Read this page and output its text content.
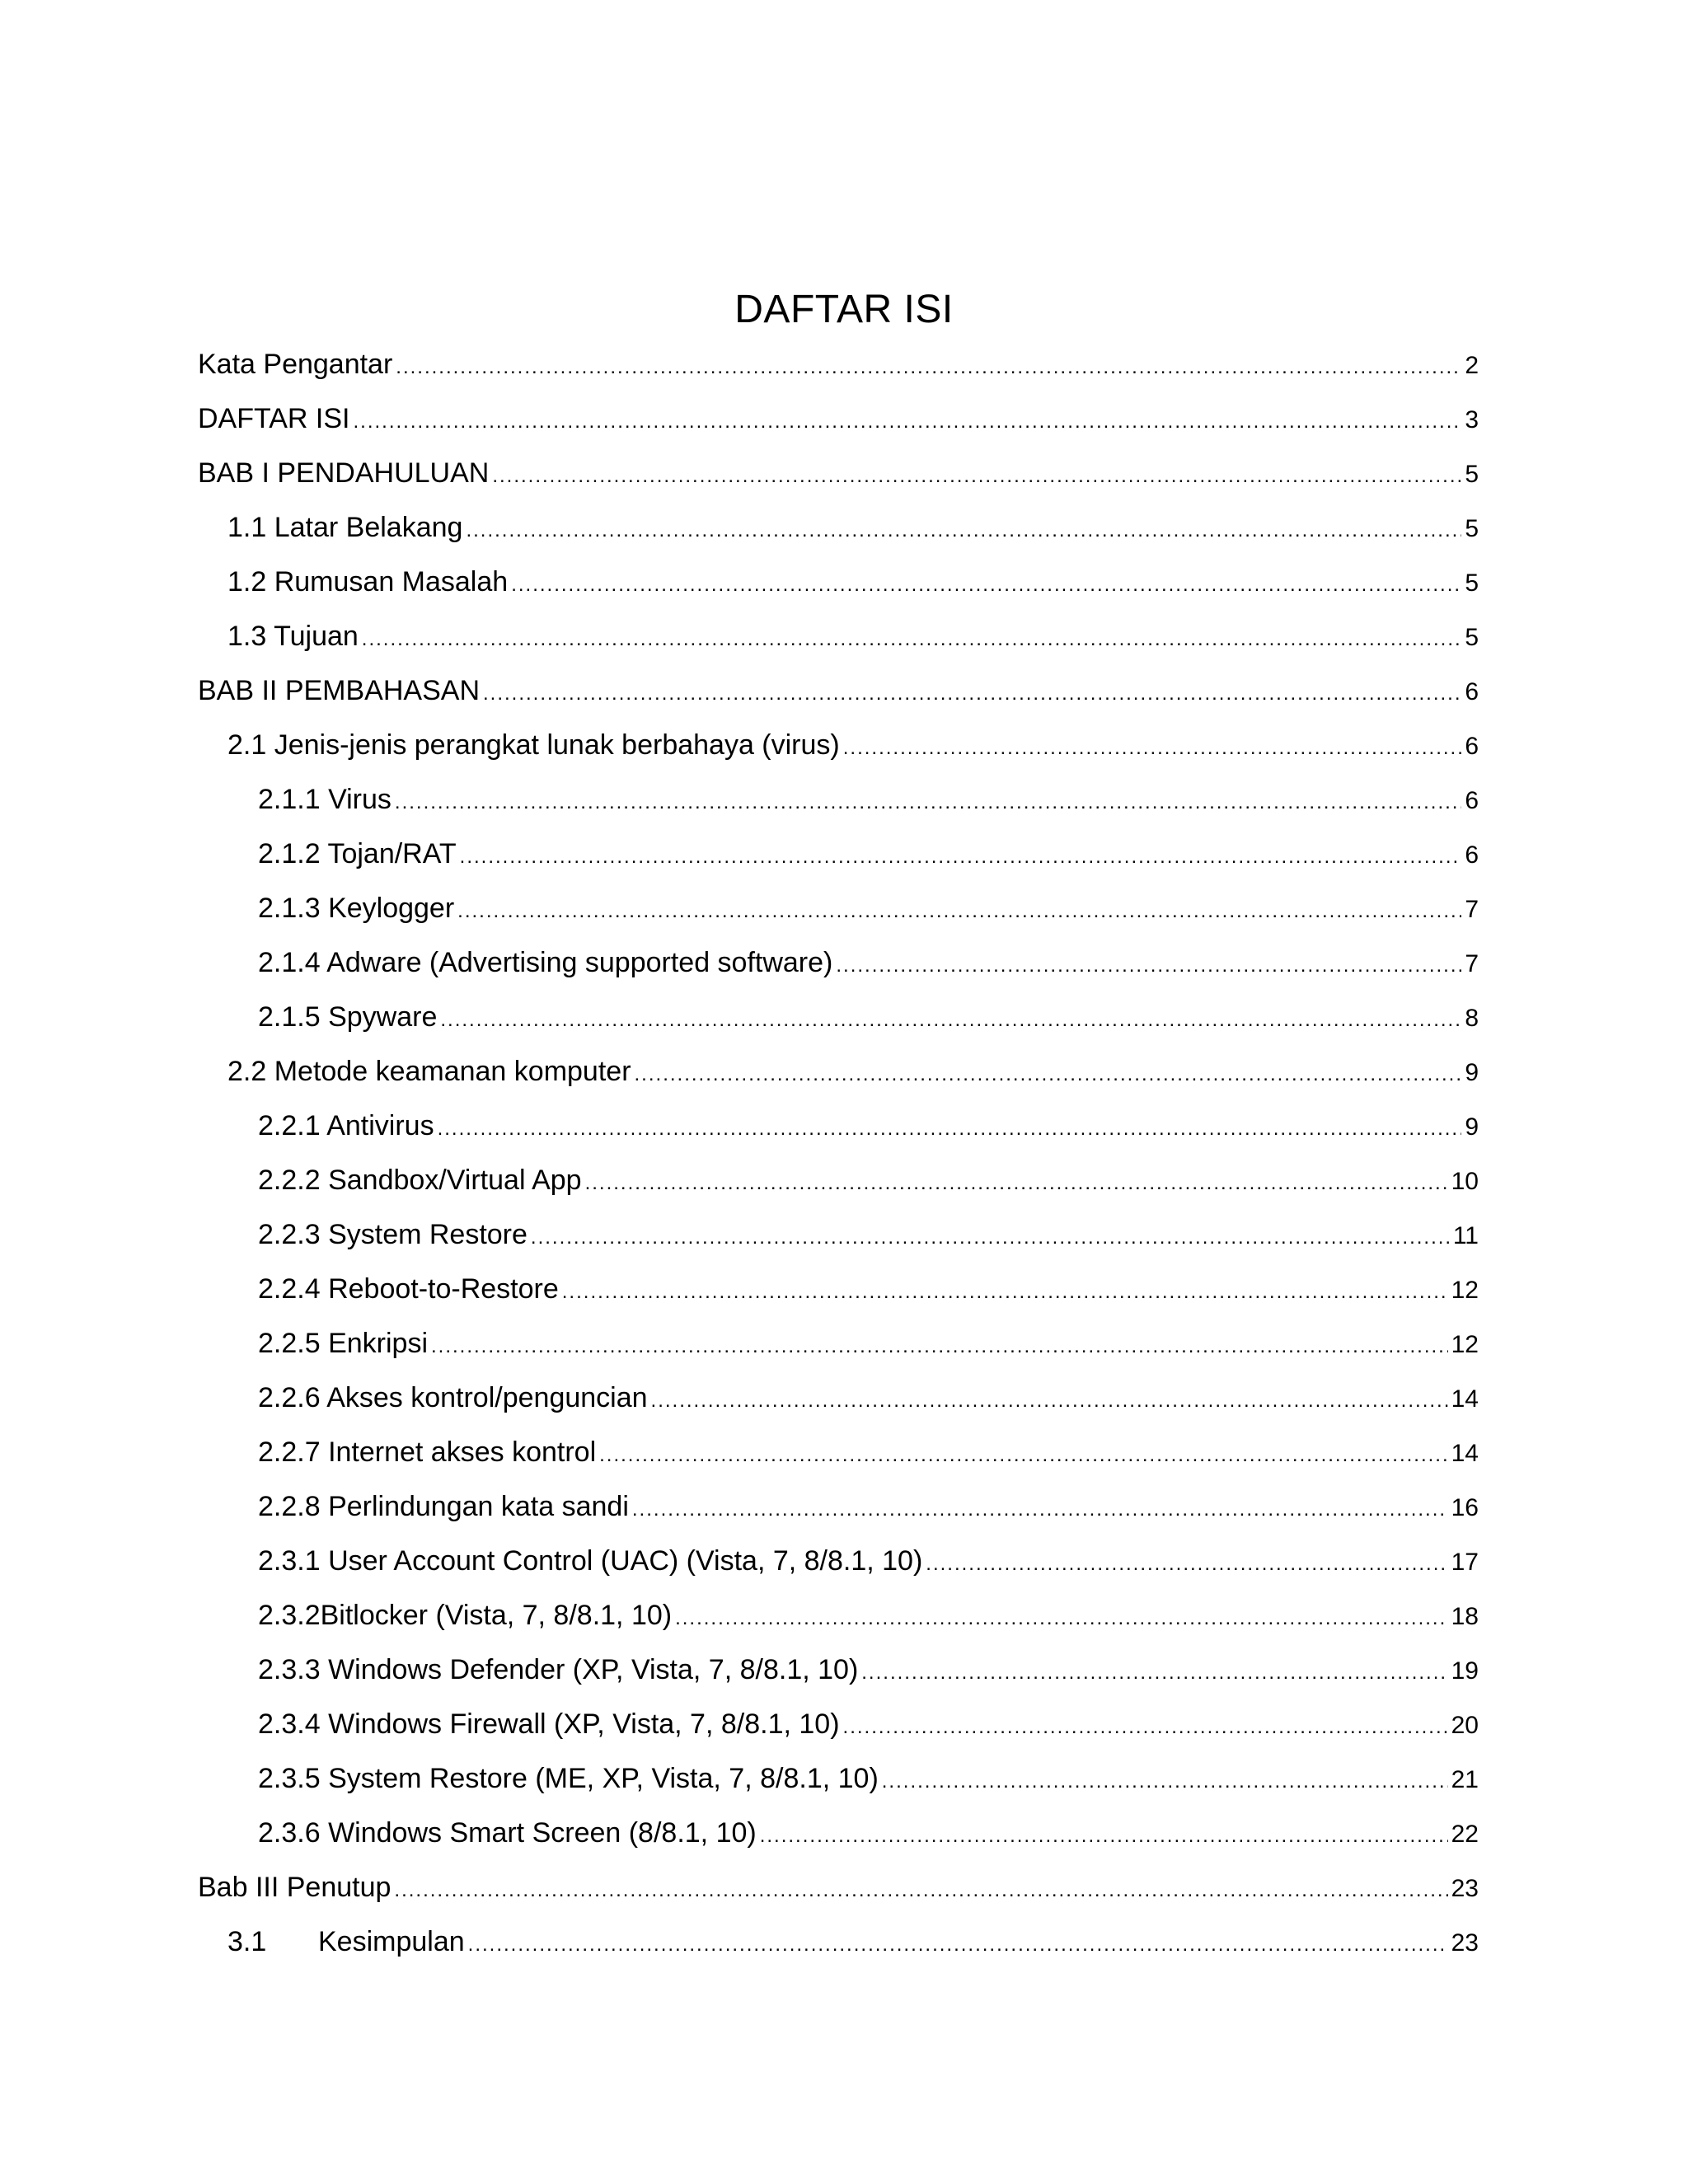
DAFTAR ISI
Kata Pengantar .....	2
DAFTAR ISI .....	3
BAB I PENDAHULUAN .....	5
1.1 Latar Belakang .....	5
1.2 Rumusan Masalah .....	5
1.3 Tujuan .....	5
BAB II PEMBAHASAN .....	6
2.1 Jenis-jenis perangkat lunak berbahaya (virus) .....	6
2.1.1 Virus .....	6
2.1.2 Tojan/RAT .....	6
2.1.3 Keylogger .....	7
2.1.4 Adware (Advertising supported software) .....	7
2.1.5 Spyware .....	8
2.2 Metode keamanan komputer .....	9
2.2.1 Antivirus .....	9
2.2.2 Sandbox/Virtual App .....	10
2.2.3 System Restore .....	11
2.2.4 Reboot-to-Restore .....	12
2.2.5 Enkripsi .....	12
2.2.6 Akses kontrol/penguncian .....	14
2.2.7 Internet akses kontrol .....	14
2.2.8 Perlindungan kata sandi .....	16
2.3.1 User Account Control (UAC) (Vista, 7, 8/8.1, 10) .....	17
2.3.2Bitlocker (Vista, 7, 8/8.1, 10) .....	18
2.3.3 Windows Defender (XP, Vista, 7, 8/8.1, 10) .....	19
2.3.4 Windows Firewall (XP, Vista, 7, 8/8.1, 10) .....	20
2.3.5 System Restore (ME, XP, Vista, 7, 8/8.1, 10) .....	21
2.3.6 Windows Smart Screen (8/8.1, 10) .....	22
Bab III Penutup .....	23
3.1	Kesimpulan .....	23
